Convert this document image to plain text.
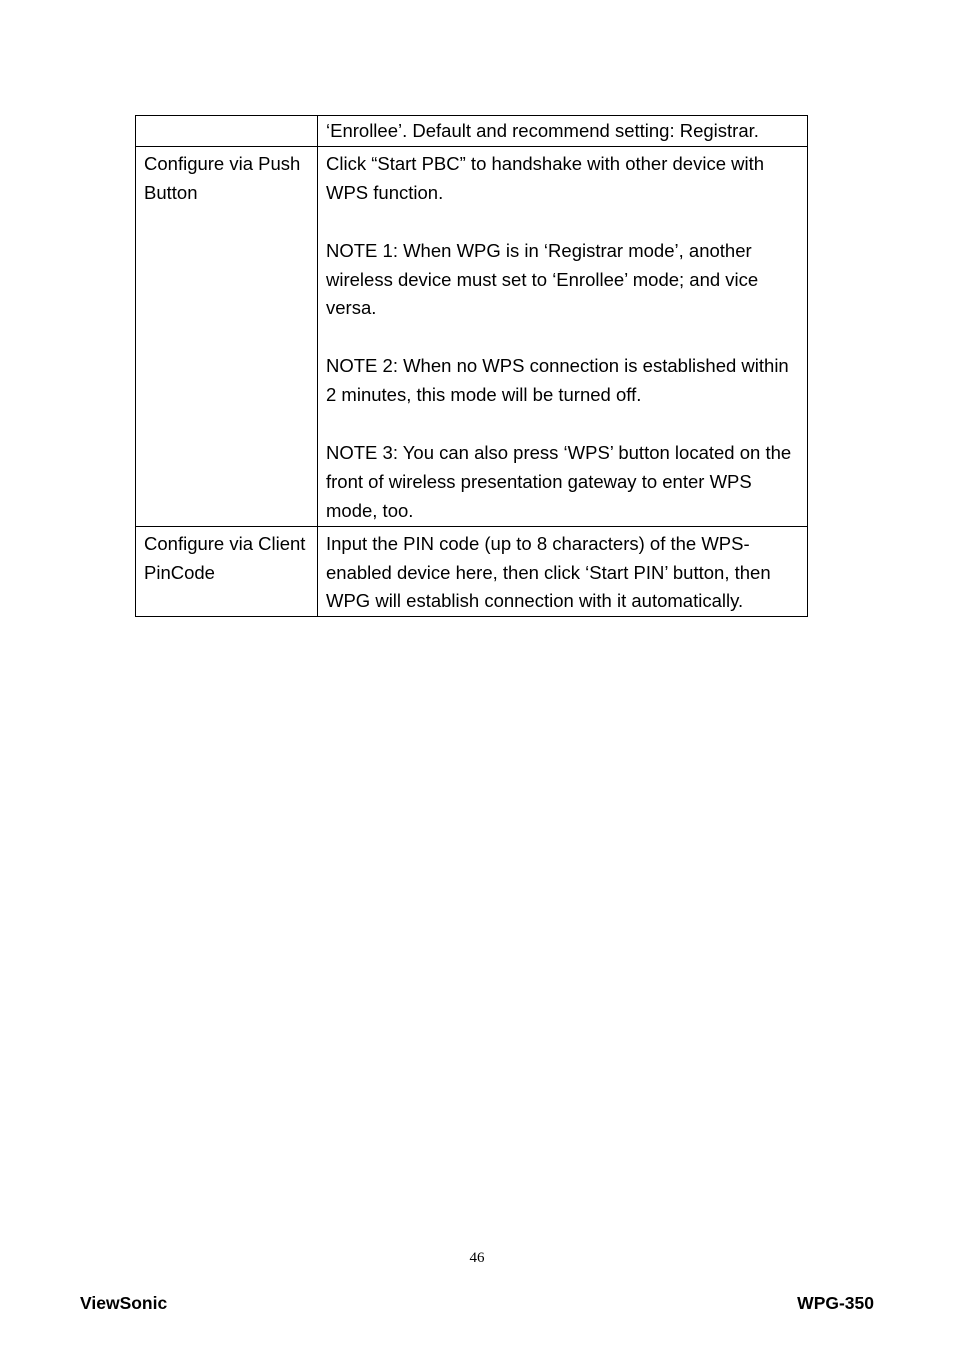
	‘Enrollee’. Default and recommend setting: Registrar.

Configure via Push Button	Click “Start PBC” to handshake with other device with WPS function.
NOTE 1: When WPG is in ‘Registrar mode’, another wireless device must set to ‘Enrollee’ mode; and vice versa.
NOTE 2: When no WPS connection is established within 2 minutes, this mode will be turned off.
NOTE 3: You can also press ‘WPS’ button located on the front of wireless presentation gateway to enter WPS mode, too.

Configure via Client PinCode	Input the PIN code (up to 8 characters) of the WPS-enabled device here, then click ‘Start PIN’ button, then WPG will establish connection with it automatically.
46
ViewSonic	WPG-350
